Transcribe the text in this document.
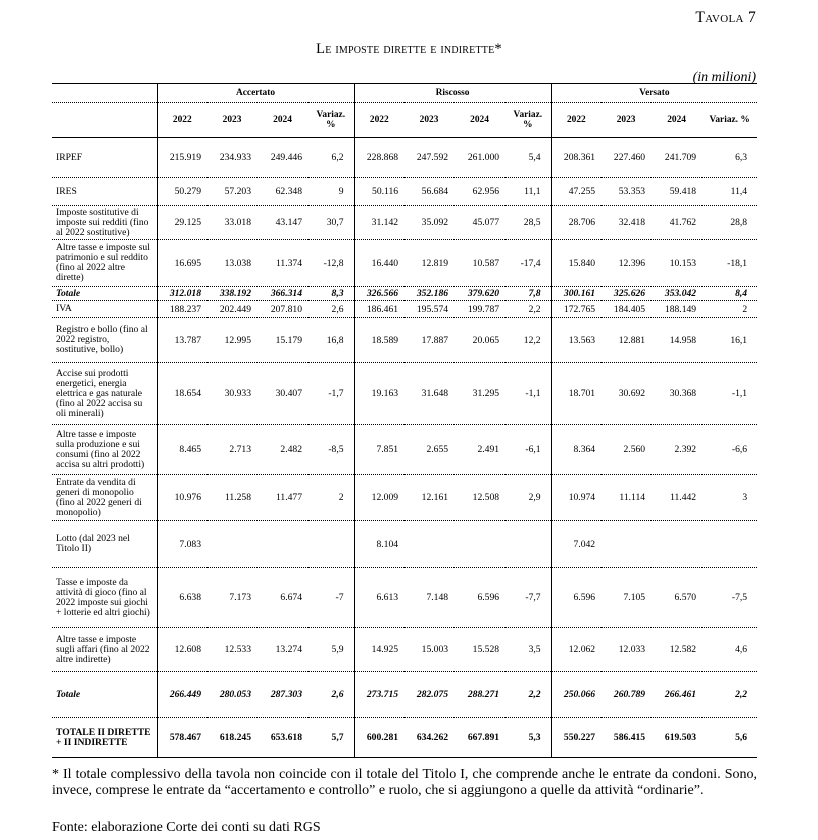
Tavola 7
Le imposte dirette e indirette*
(in milioni)
	Accertato				Riscosso				Versato			
	2022	2023	2024	Variaz. %	2022	2023	2024	Variaz. %	2022	2023	2024	Variaz. %
IRPEF	215.919	234.933	249.446	6,2	228.868	247.592	261.000	5,4	208.361	227.460	241.709	6,3
IRES	50.279	57.203	62.348	9	50.116	56.684	62.956	11,1	47.255	53.353	59.418	11,4
Imposte sostitutive di imposte sui redditi (fino al 2022 sostitutive)	29.125	33.018	43.147	30,7	31.142	35.092	45.077	28,5	28.706	32.418	41.762	28,8
Altre tasse e imposte sul patrimonio e sul reddito (fino al 2022 altre dirette)	16.695	13.038	11.374	-12,8	16.440	12.819	10.587	-17,4	15.840	12.396	10.153	-18,1
Totale	312.018	338.192	366.314	8,3	326.566	352.186	379.620	7,8	300.161	325.626	353.042	8,4
IVA	188.237	202.449	207.810	2,6	186.461	195.574	199.787	2,2	172.765	184.405	188.149	2
Registro e bollo (fino al 2022 registro, sostitutive, bollo)	13.787	12.995	15.179	16,8	18.589	17.887	20.065	12,2	13.563	12.881	14.958	16,1
Accise sui prodotti energetici, energia elettrica e gas naturale (fino al 2022 accisa su oli minerali)	18.654	30.933	30.407	-1,7	19.163	31.648	31.295	-1,1	18.701	30.692	30.368	-1,1
Altre tasse e imposte sulla produzione e sui consumi (fino al 2022 accisa su altri prodotti)	8.465	2.713	2.482	-8,5	7.851	2.655	2.491	-6,1	8.364	2.560	2.392	-6,6
Entrate da vendita di generi di monopolio (fino al 2022 generi di monopolio)	10.976	11.258	11.477	2	12.009	12.161	12.508	2,9	10.974	11.114	11.442	3
Lotto (dal 2023 nel Titolo II)	7.083				8.104				7.042			
Tasse e imposte da attività di gioco (fino al 2022 imposte sui giochi + lotterie ed altri giochi)	6.638	7.173	6.674	-7	6.613	7.148	6.596	-7,7	6.596	7.105	6.570	-7,5
Altre tasse e imposte sugli affari (fino al 2022 altre indirette)	12.608	12.533	13.274	5,9	14.925	15.003	15.528	3,5	12.062	12.033	12.582	4,6
Totale	266.449	280.053	287.303	2,6	273.715	282.075	288.271	2,2	250.066	260.789	266.461	2,2
TOTALE II DIRETTE + II INDIRETTE	578.467	618.245	653.618	5,7	600.281	634.262	667.891	5,3	550.227	586.415	619.503	5,6
* Il totale complessivo della tavola non coincide con il totale del Titolo I, che comprende anche le entrate da condoni. Sono, invece, comprese le entrate da “accertamento e controllo” e ruolo, che si aggiungono a quelle da attività “ordinarie”.
Fonte: elaborazione Corte dei conti su dati RGS
